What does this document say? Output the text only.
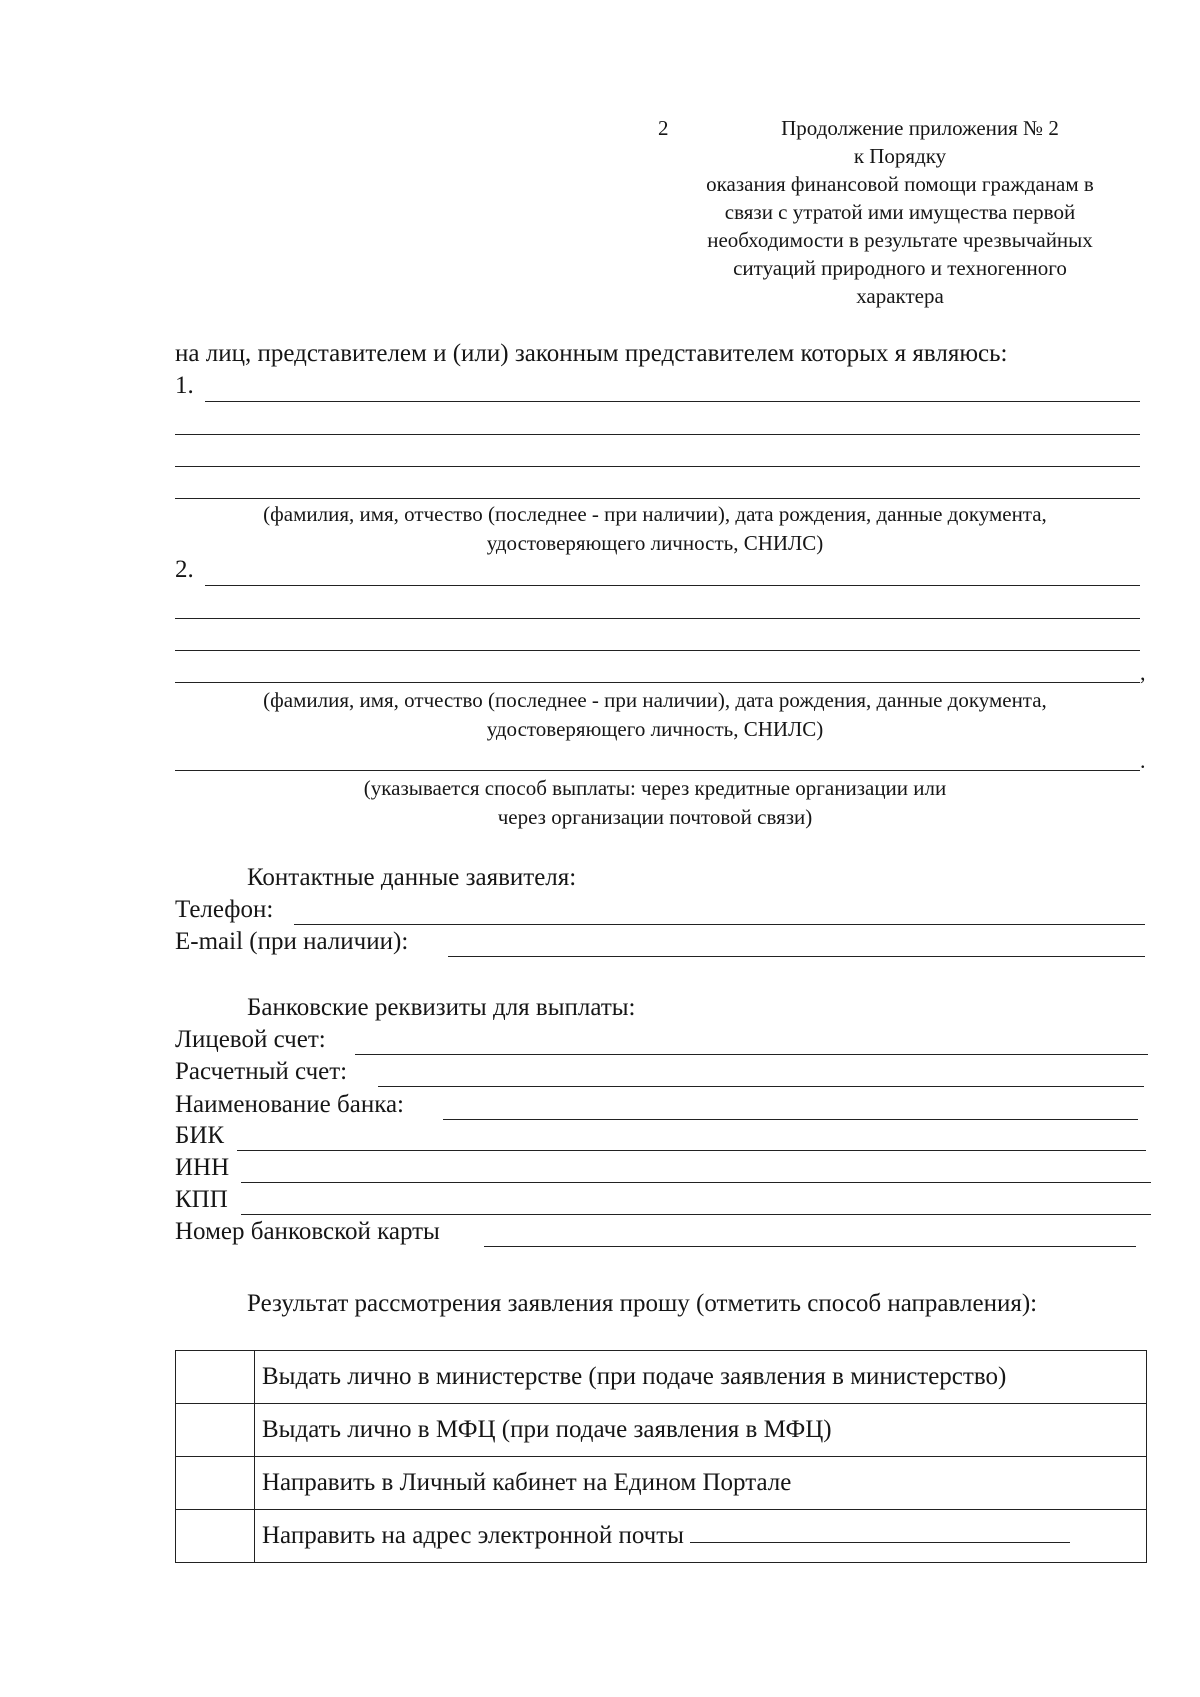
2	Продолжение приложения № 2
к Порядку
оказания финансовой помощи гражданам в
связи с утратой ими имущества первой
необходимости в результате чрезвычайных
ситуаций природного и техногенного
характера
на лиц, представителем и (или) законным представителем которых я являюсь:
1.
(фамилия, имя, отчество (последнее - при наличии), дата рождения, данные документа,
удостоверяющего личность, СНИЛС)
2.
,
(фамилия, имя, отчество (последнее - при наличии), дата рождения, данные документа,
удостоверяющего личность, СНИЛС)
.
(указывается способ выплаты: через кредитные организации или
через организации почтовой связи)
Контактные данные заявителя:
Телефон:
E-mail (при наличии):
Банковские реквизиты для выплаты:
Лицевой счет:
Расчетный счет:
Наименование банка:
БИК
ИНН
КПП
Номер банковской карты
Результат рассмотрения заявления прошу (отметить способ направления):
	Выдать лично в министерстве (при подаче заявления в министерство)
	Выдать лично в МФЦ (при подаче заявления в МФЦ)
	Направить в Личный кабинет на Едином Портале
	Направить на адрес электронной почты
